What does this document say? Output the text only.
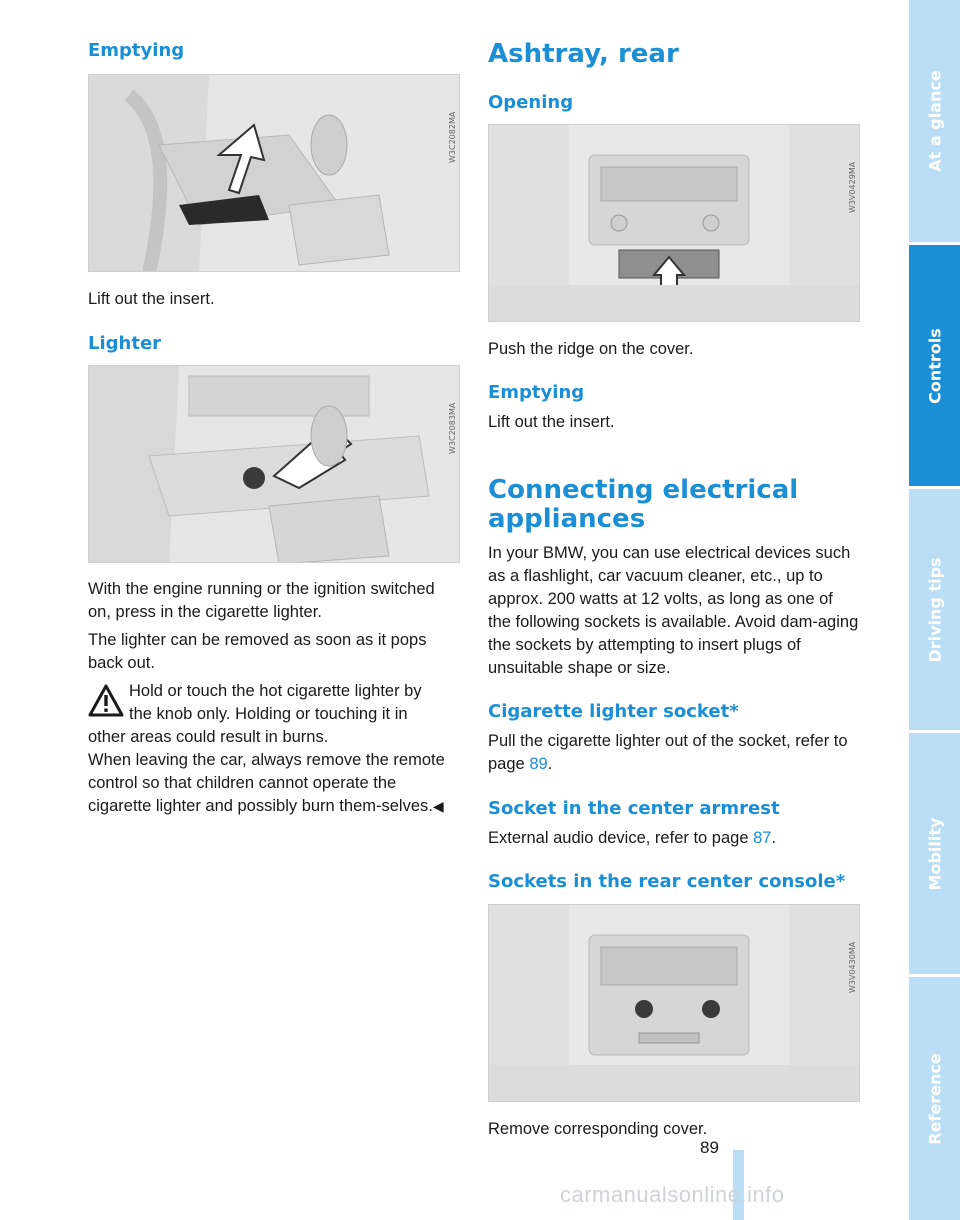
Emptying
W3C2082MA

Lift out the insert.

Lighter
W3C2083MA

With the engine running or the ignition switched on, press in the cigarette lighter.

The lighter can be removed as soon as it pops back out.

Hold or touch the hot cigarette lighter by
the knob only. Holding or touching it in

other areas could result in burns.
When leaving the car, always remove the remote control so that children cannot operate the cigarette lighter and possibly burn them-selves.◀

Ashtray, rear
Opening
W3V0429MA

Push the ridge on the cover.

Emptying

Lift out the insert.

Connecting electrical
appliances

In your BMW, you can use electrical devices such as a flashlight, car vacuum cleaner, etc., up to approx. 200 watts at 12 volts, as long as one of the following sockets is available. Avoid dam-aging the sockets by attempting to insert plugs of unsuitable shape or size.

Cigarette lighter socket*

Pull the cigarette lighter out of the socket, refer to page 89.

Socket in the center armrest

External audio device, refer to page 87.

Sockets in the rear center console*
W3V0430MA

Remove corresponding cover.

89
At a glance
Controls
Driving tips
Mobility
Reference
carmanualsonline.info
